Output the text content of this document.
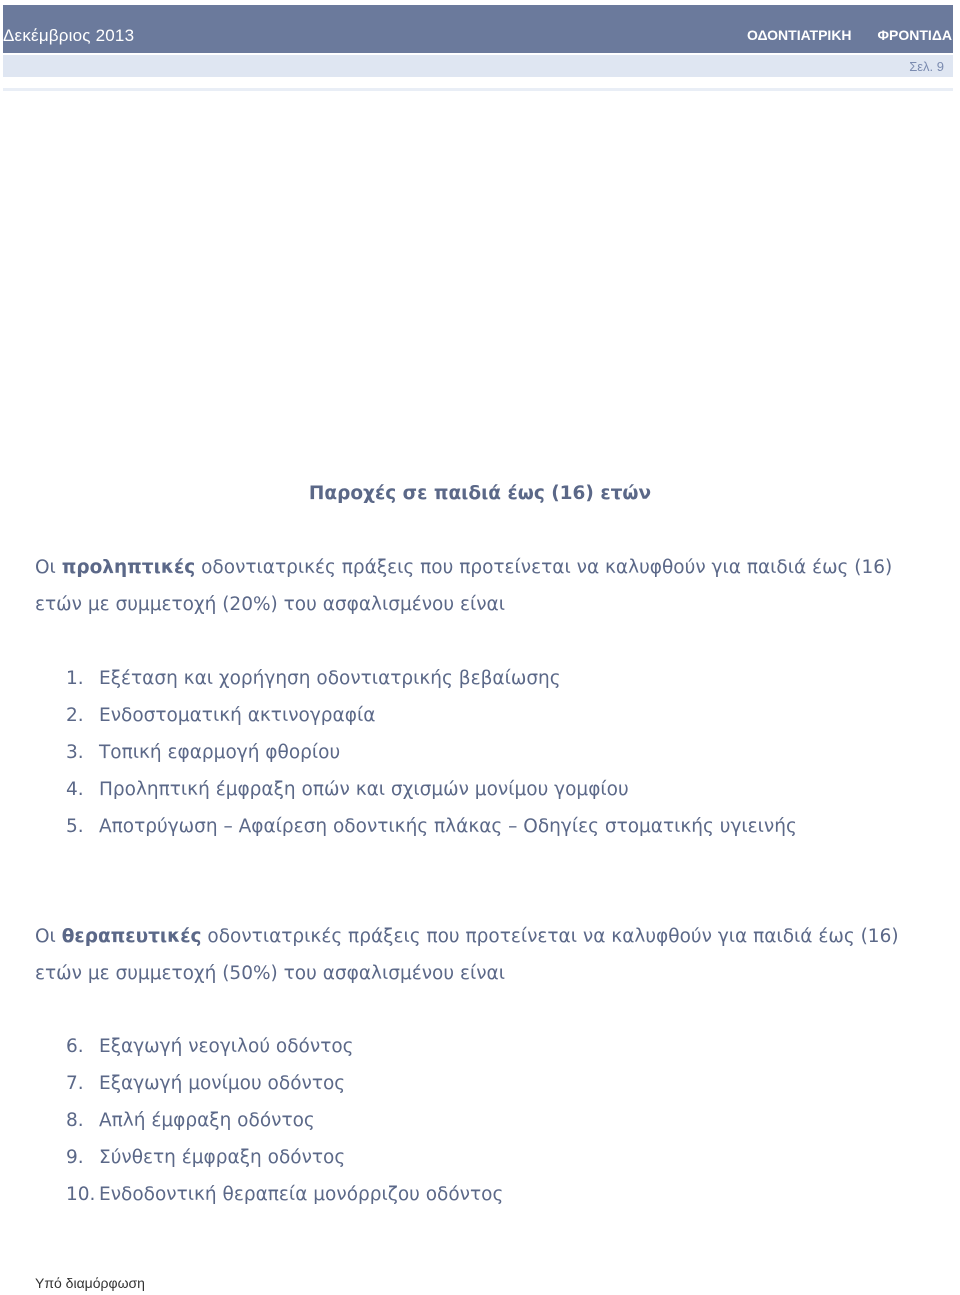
Δεκέμβριος 2013	ΟΔΟΝΤΙΑΤΡΙΚΗ ΦΡΟΝΤΙΔΑ
Σελ. 9
Παροχές σε παιδιά έως (16) ετών
Οι προληπτικές οδοντιατρικές πράξεις που προτείνεται να καλυφθούν για παιδιά έως (16) ετών με συμμετοχή (20%) του ασφαλισμένου είναι
1. Εξέταση και χορήγηση οδοντιατρικής βεβαίωσης
2. Ενδοστοματική ακτινογραφία
3. Τοπική εφαρμογή φθορίου
4. Προληπτική έμφραξη οπών και σχισμών μονίμου γομφίου
5. Αποτρύγωση – Αφαίρεση οδοντικής πλάκας – Οδηγίες στοματικής υγιεινής
Οι θεραπευτικές οδοντιατρικές πράξεις που προτείνεται να καλυφθούν για παιδιά έως (16) ετών με συμμετοχή (50%) του ασφαλισμένου είναι
6. Εξαγωγή νεογιλού οδόντος
7. Εξαγωγή μονίμου οδόντος
8. Απλή έμφραξη οδόντος
9. Σύνθετη έμφραξη οδόντος
10. Ενδοδοντική θεραπεία μονόρριζου οδόντος
Υπό διαμόρφωση
